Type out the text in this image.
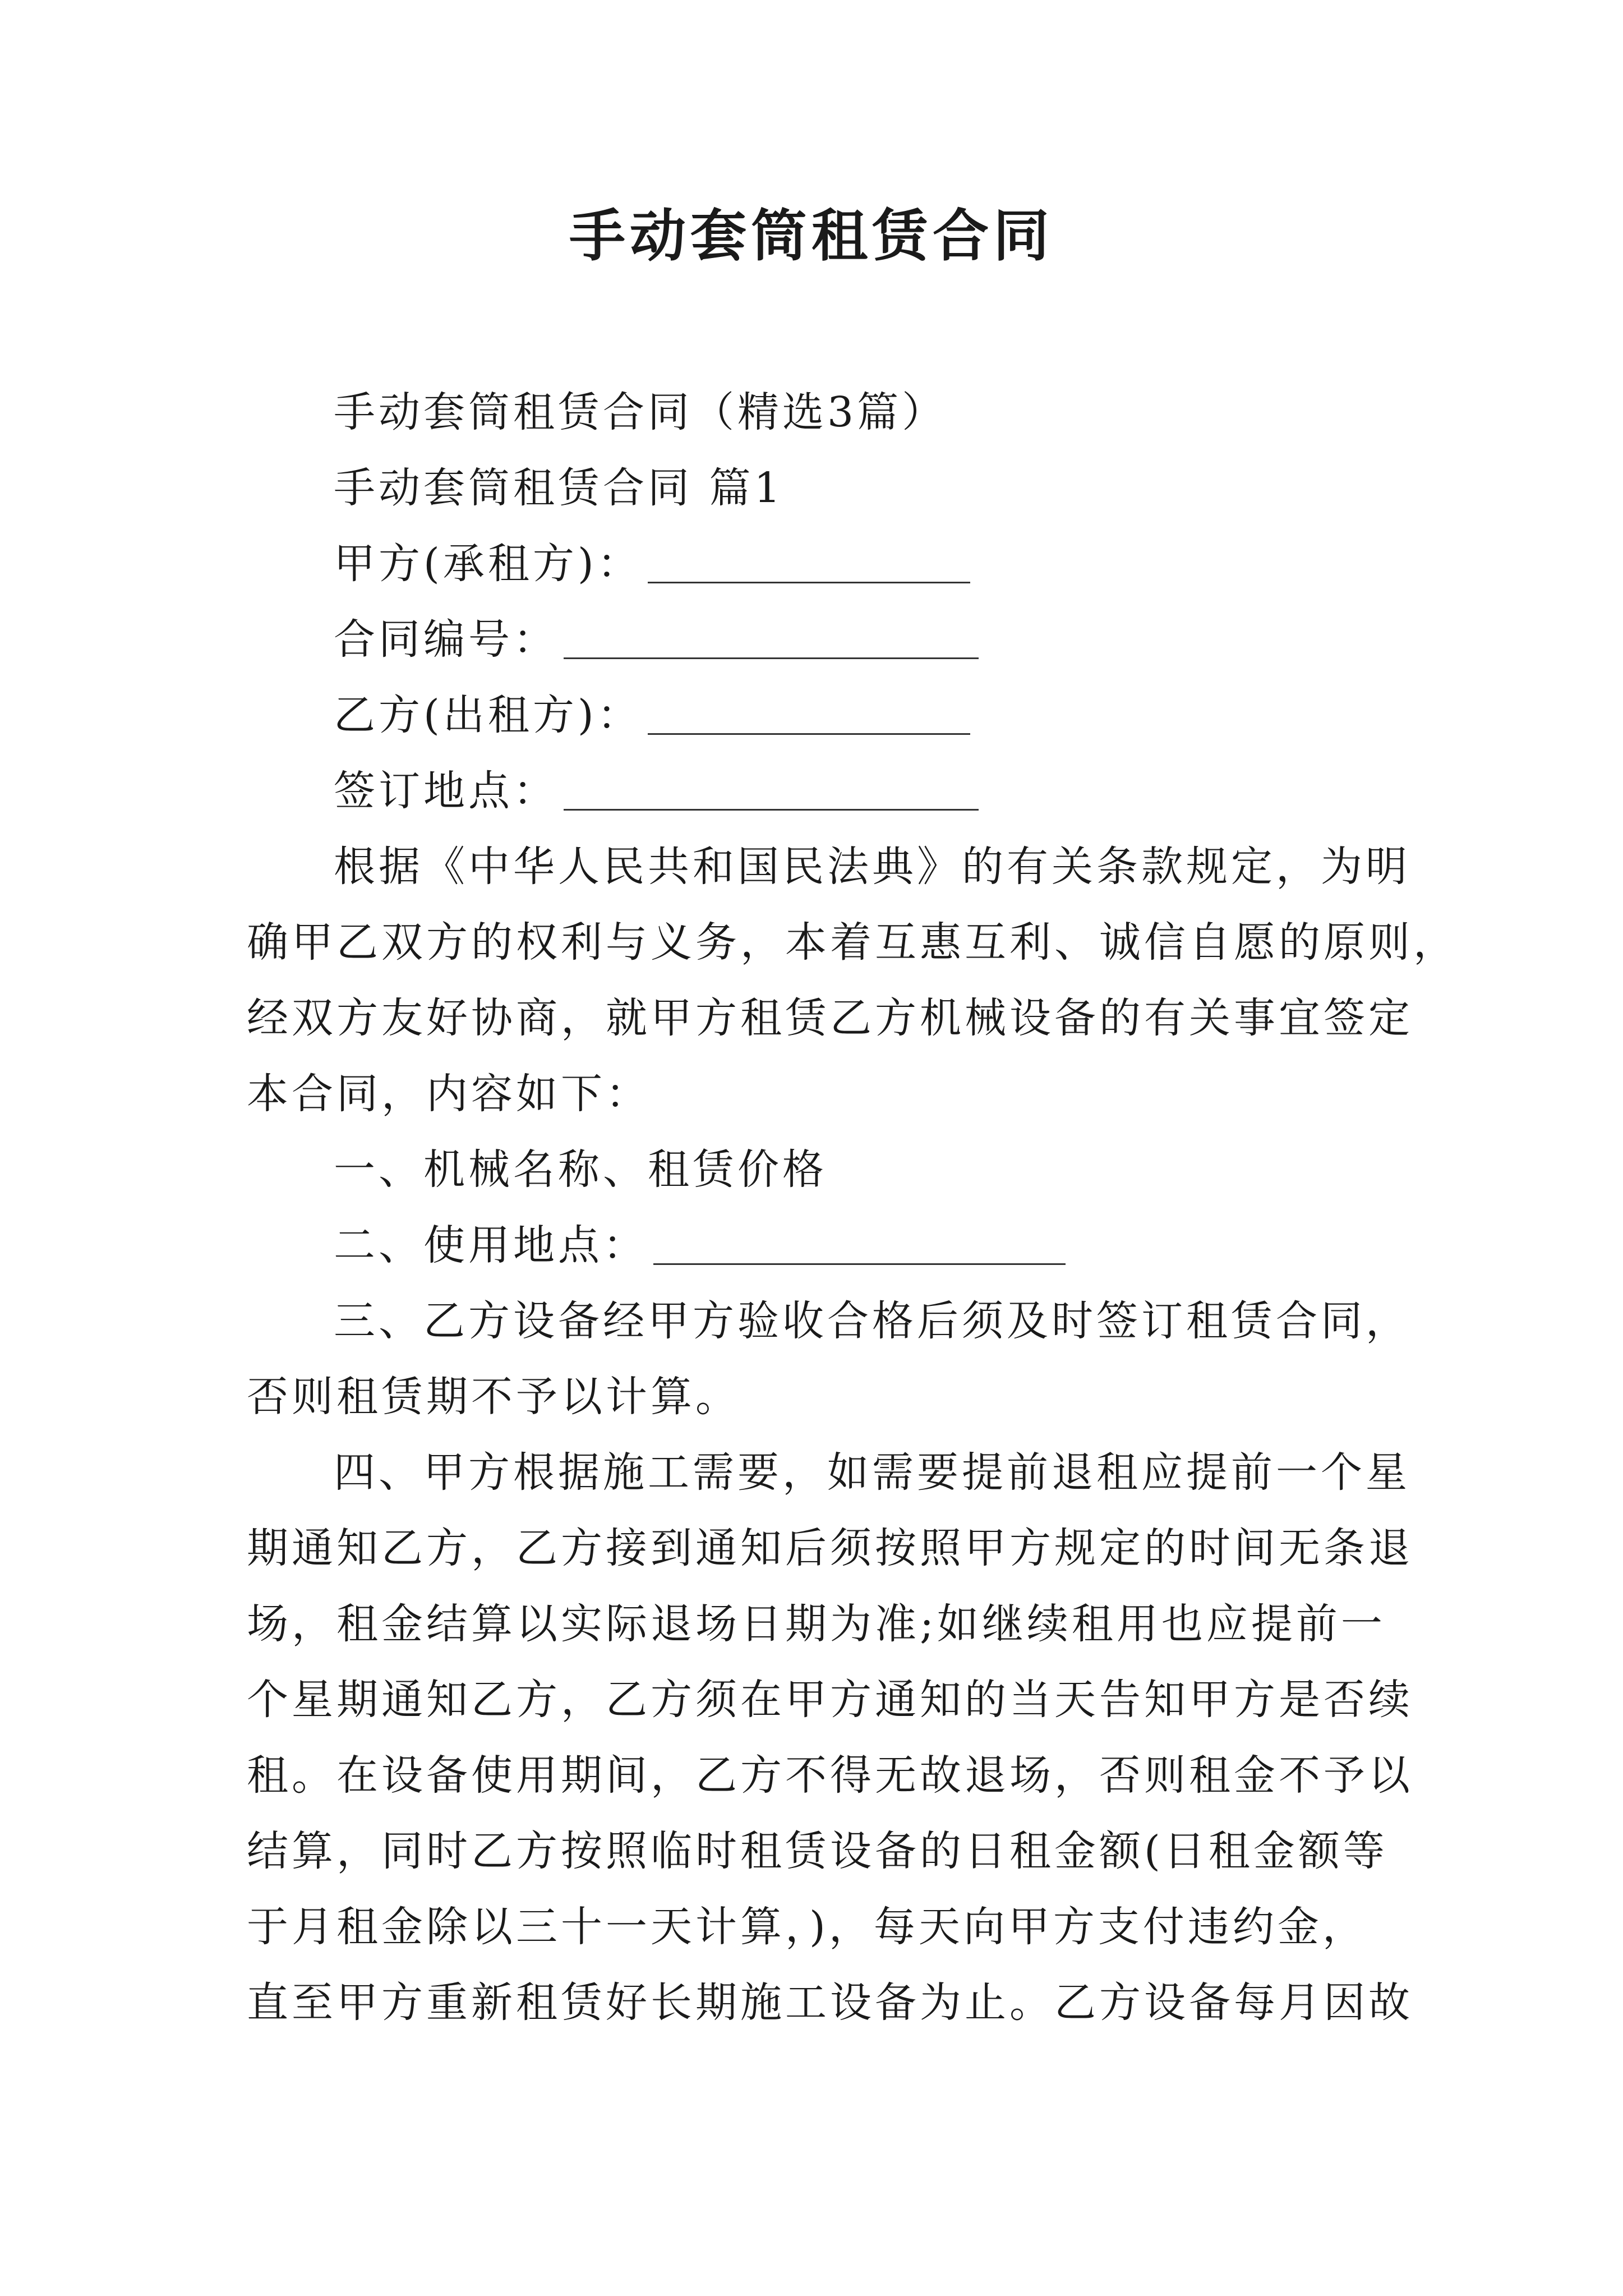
手动套筒租赁合同
手动套筒租赁合同（精选3篇）
手动套筒租赁合同 篇1
甲方(承租方)：
合同编号：
乙方(出租方)：
签订地点：
根据《中华人民共和国民法典》的有关条款规定，为明
确甲乙双方的权利与义务，本着互惠互利、诚信自愿的原则，
经双方友好协商，就甲方租赁乙方机械设备的有关事宜签定
本合同，内容如下：
一、机械名称、租赁价格
二、使用地点：
三、乙方设备经甲方验收合格后须及时签订租赁合同，
否则租赁期不予以计算。
四、甲方根据施工需要，如需要提前退租应提前一个星
期通知乙方，乙方接到通知后须按照甲方规定的时间无条退
场，租金结算以实际退场日期为准;如继续租用也应提前一
个星期通知乙方，乙方须在甲方通知的当天告知甲方是否续
租。在设备使用期间，乙方不得无故退场，否则租金不予以
结算，同时乙方按照临时租赁设备的日租金额(日租金额等
于月租金除以三十一天计算，)，每天向甲方支付违约金，
直至甲方重新租赁好长期施工设备为止。乙方设备每月因故
